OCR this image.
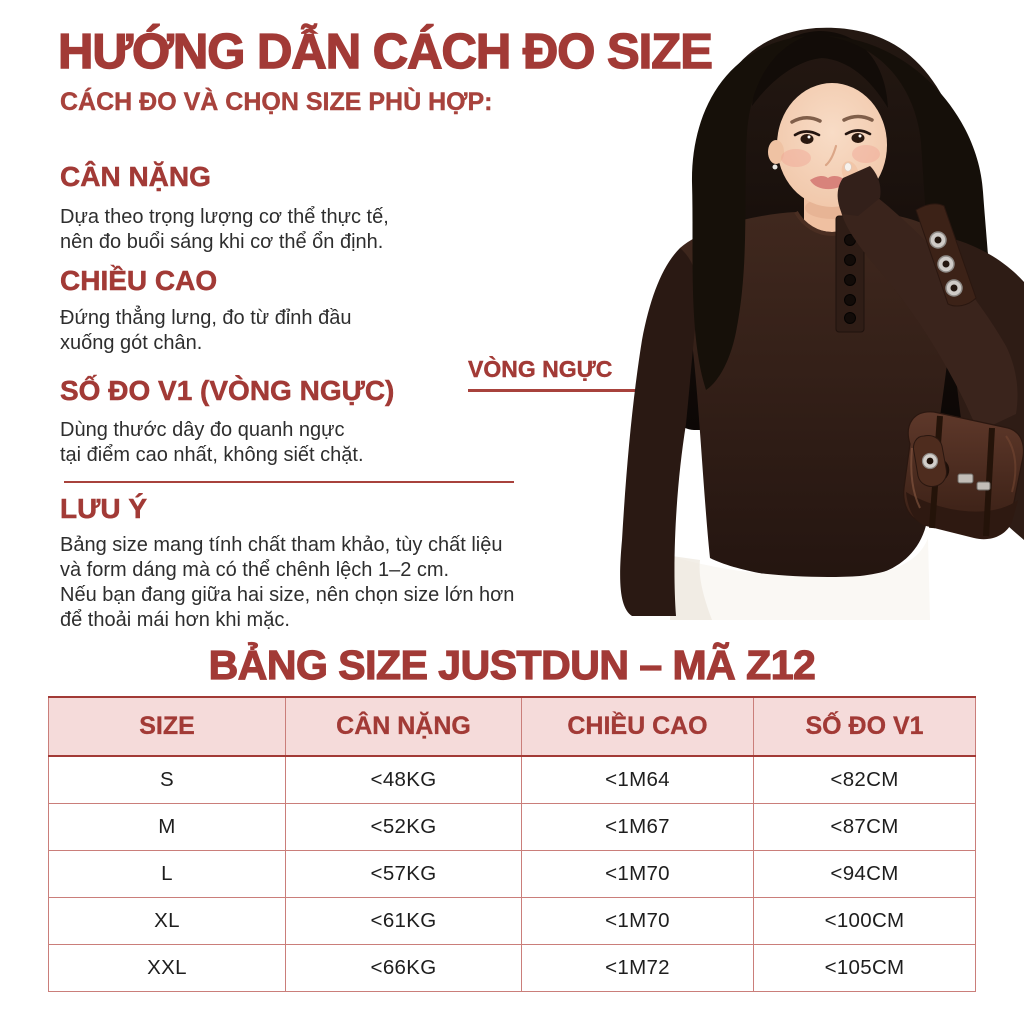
HƯỚNG DẪN CÁCH ĐO SIZE
CÁCH ĐO VÀ CHỌN SIZE PHÙ HỢP:
CÂN NẶNG
Dựa theo trọng lượng cơ thể thực tế,
nên đo buổi sáng khi cơ thể ổn định.
CHIỀU CAO
Đứng thẳng lưng, đo từ đỉnh đầu
xuống gót chân.
SỐ ĐO V1 (VÒNG NGỰC)
Dùng thước dây đo quanh ngực
tại điểm cao nhất, không siết chặt.
LƯU Ý
Bảng size mang tính chất tham khảo, tùy chất liệu
và form dáng mà có thể chênh lệch 1–2 cm.
Nếu bạn đang giữa hai size, nên chọn size lớn hơn
để thoải mái hơn khi mặc.
VÒNG NGỰC
BẢNG SIZE JUSTDUN – MÃ Z12
SIZE	CÂN NẶNG	CHIỀU CAO	SỐ ĐO V1
S	<48KG	<1M64	<82CM
M	<52KG	<1M67	<87CM
L	<57KG	<1M70	<94CM
XL	<61KG	<1M70	<100CM
XXL	<66KG	<1M72	<105CM
